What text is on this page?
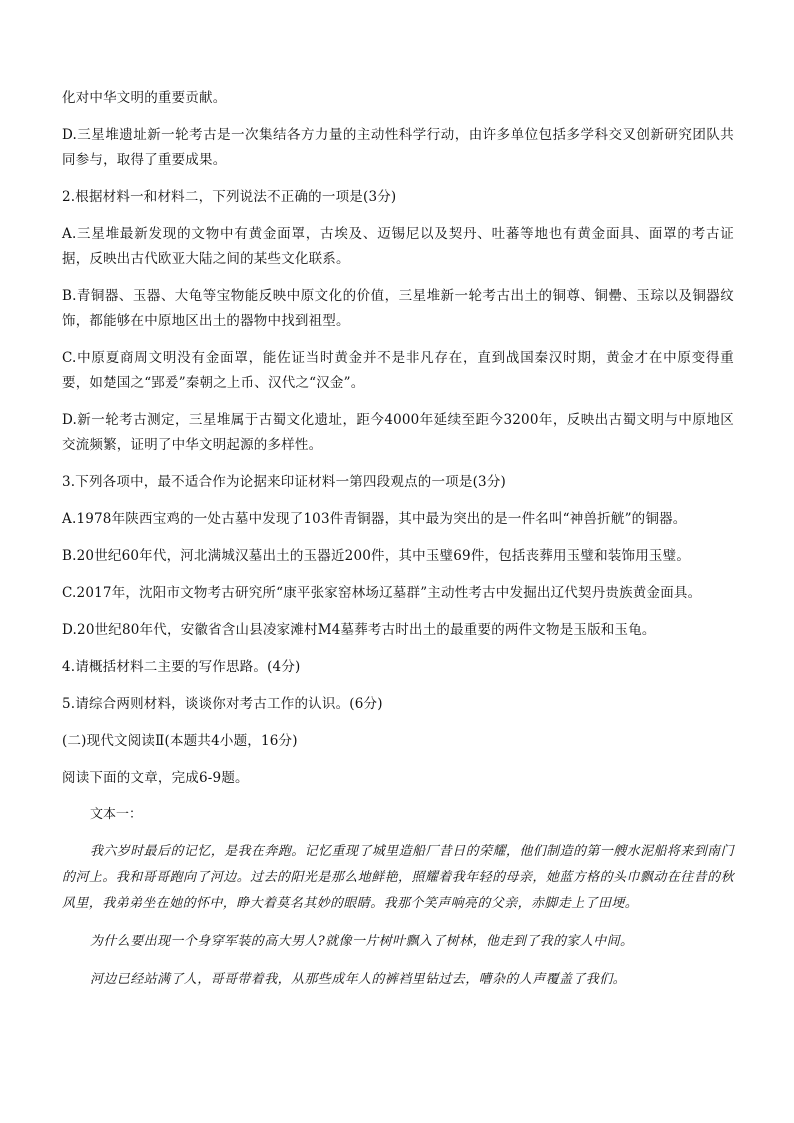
化对中华文明的重要贡献。

D.三星堆遗址新一轮考古是一次集结各方力量的主动性科学行动，由许多单位包括多学科交叉创新研究团队共同参与，取得了重要成果。

2.根据材料一和材料二，下列说法不正确的一项是(3分)

A.三星堆最新发现的文物中有黄金面罩，古埃及、迈锡尼以及契丹、吐蕃等地也有黄金面具、面罩的考古证据，反映出古代欧亚大陆之间的某些文化联系。

B.青铜器、玉器、大龟等宝物能反映中原文化的价值，三星堆新一轮考古出土的铜尊、铜罍、玉琮以及铜器纹饰，都能够在中原地区出土的器物中找到祖型。

C.中原夏商周文明没有金面罩，能佐证当时黄金并不是非凡存在，直到战国秦汉时期，黄金才在中原变得重要，如楚国之“郢爰”秦朝之上币、汉代之“汉金”。

D.新一轮考古测定，三星堆属于古蜀文化遗址，距今4000年延续至距今3200年，反映出古蜀文明与中原地区交流频繁，证明了中华文明起源的多样性。

3.下列各项中，最不适合作为论据来印证材料一第四段观点的一项是(3分)

A.1978年陕西宝鸡的一处古墓中发现了103件青铜器，其中最为突出的是一件名叫“神兽折觥”的铜器。

B.20世纪60年代，河北满城汉墓出土的玉器近200件，其中玉璧69件，包括丧葬用玉璧和装饰用玉璧。

C.2017年，沈阳市文物考古研究所“康平张家窑林场辽墓群”主动性考古中发掘出辽代契丹贵族黄金面具。

D.20世纪80年代，安徽省含山县凌家滩村M4墓葬考古时出土的最重要的两件文物是玉版和玉龟。

4.请概括材料二主要的写作思路。(4分)

5.请综合两则材料，谈谈你对考古工作的认识。(6分)

(二)现代文阅读Ⅱ(本题共4小题，16分)

阅读下面的文章，完成6-9题。

文本一：

我六岁时最后的记忆，是我在奔跑。记忆重现了城里造船厂昔日的荣耀，他们制造的第一艘水泥船将来到南门的河上。我和哥哥跑向了河边。过去的阳光是那么地鲜艳，照耀着我年轻的母亲，她蓝方格的头巾飘动在往昔的秋风里，我弟弟坐在她的怀中，睁大着莫名其妙的眼睛。我那个笑声响亮的父亲，赤脚走上了田埂。

为什么要出现一个身穿军装的高大男人?就像一片树叶飘入了树林，他走到了我的家人中间。

河边已经站满了人，哥哥带着我，从那些成年人的裤裆里钻过去，嘈杂的人声覆盖了我们。
